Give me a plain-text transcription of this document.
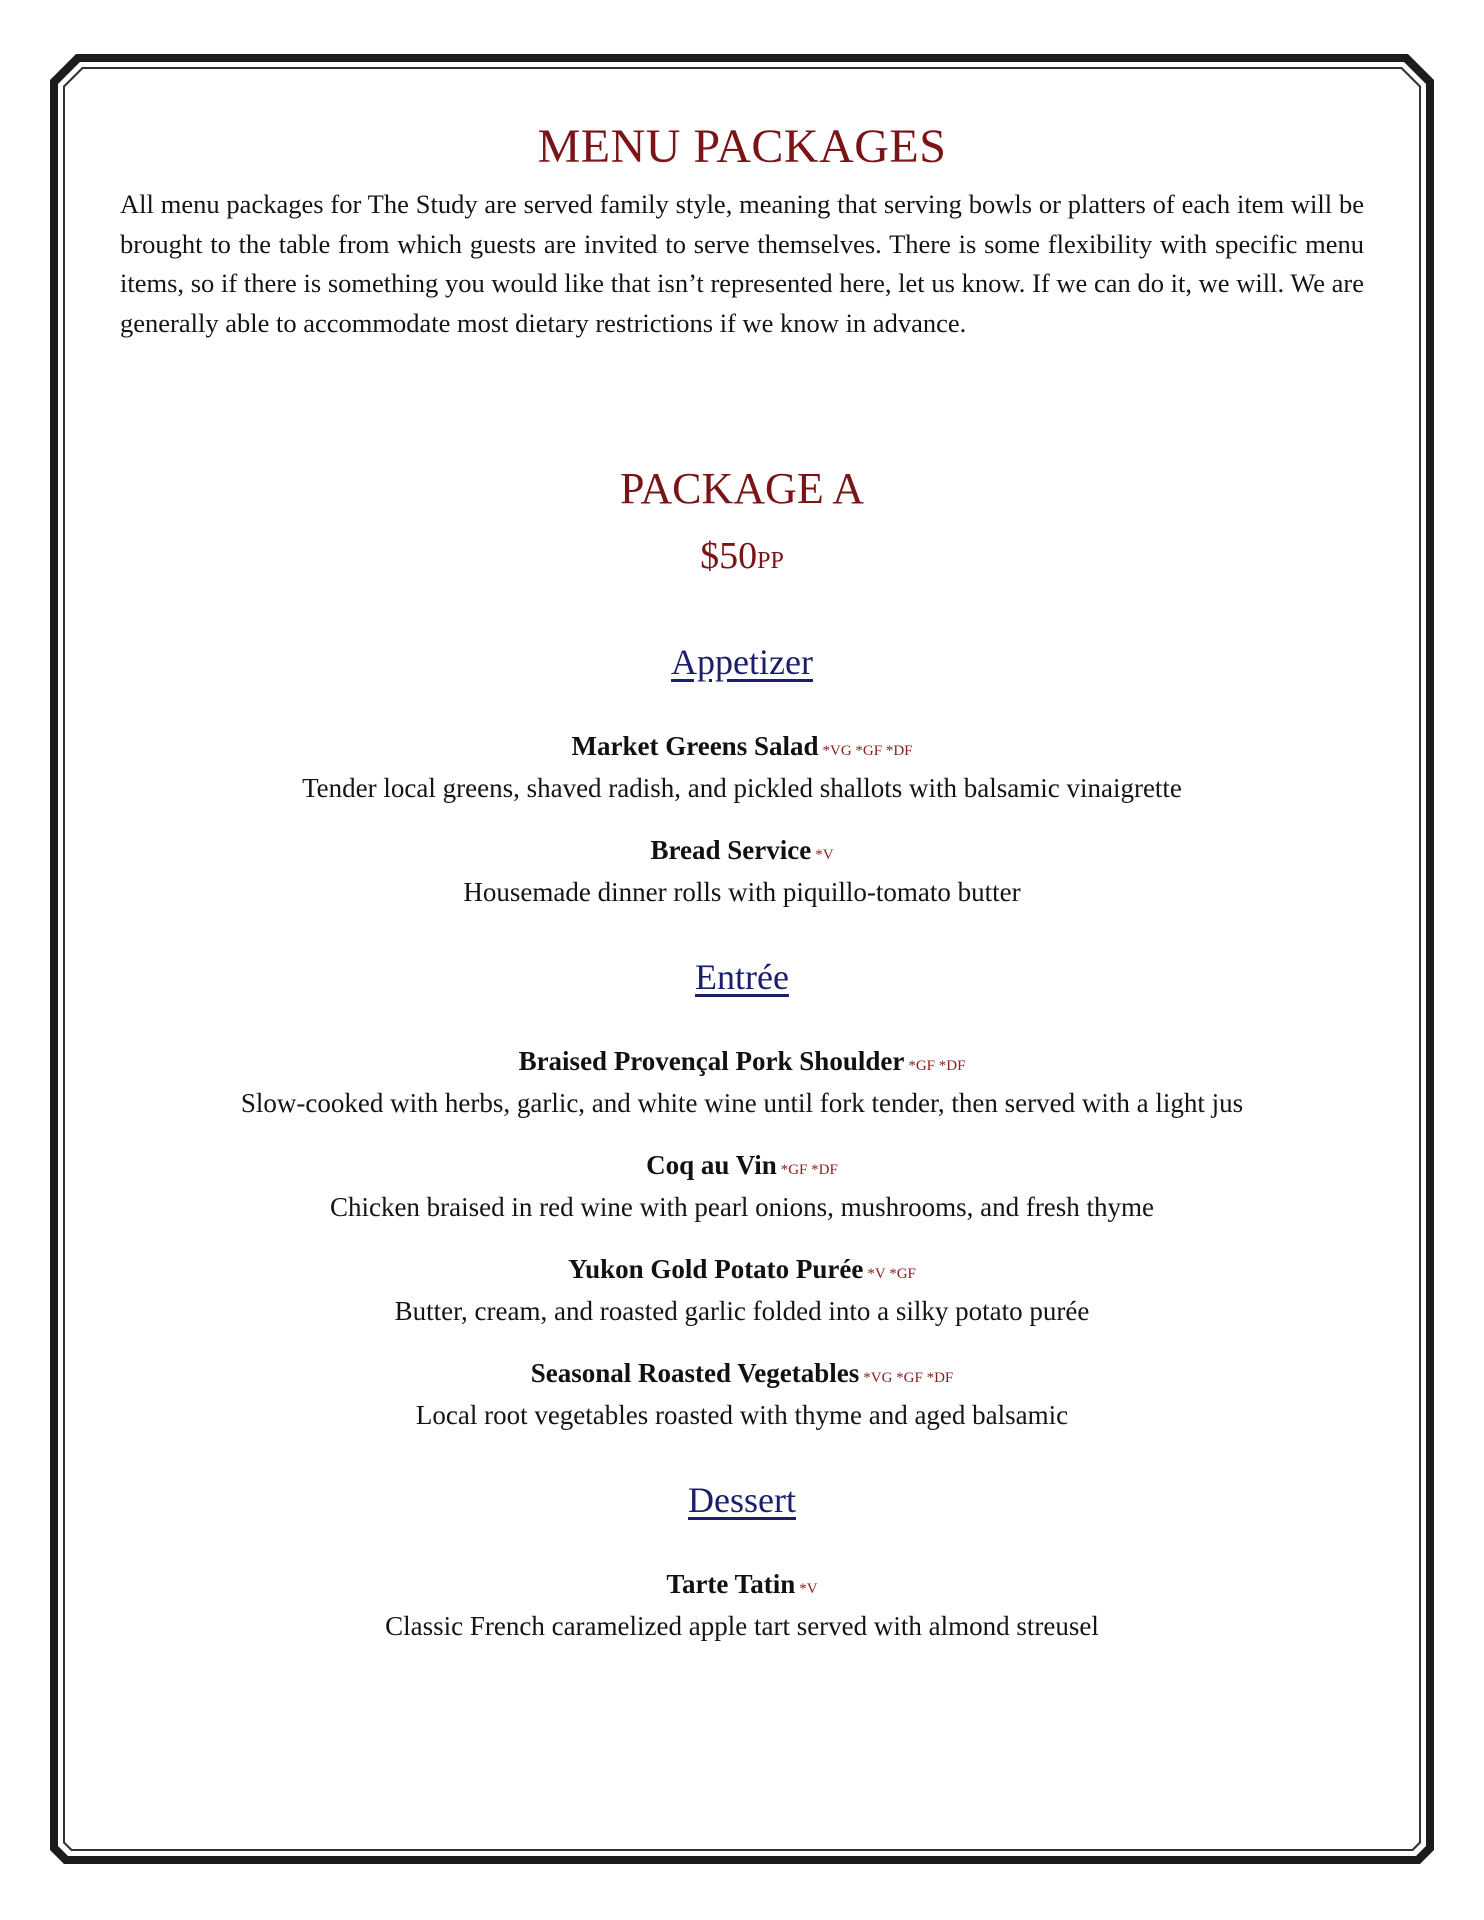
MENU PACKAGES

All menu packages for The Study are served family style, meaning that serving bowls or platters of each item will be brought to the table from which guests are invited to serve themselves. There is some flexibility with specific menu items, so if there is something you would like that isn’t represented here, let us know. If we can do it, we will. We are generally able to accommodate most dietary restrictions if we know in advance.

PACKAGE A
$50PP
Appetizer
Market Greens Salad *VG *GF *DF
Tender local greens, shaved radish, and pickled shallots with balsamic vinaigrette
Bread Service *V
Housemade dinner rolls with piquillo-tomato butter
Entrée
Braised Provençal Pork Shoulder *GF *DF
Slow-cooked with herbs, garlic, and white wine until fork tender, then served with a light jus
Coq au Vin *GF *DF
Chicken braised in red wine with pearl onions, mushrooms, and fresh thyme
Yukon Gold Potato Purée *V *GF
Butter, cream, and roasted garlic folded into a silky potato purée
Seasonal Roasted Vegetables *VG *GF *DF
Local root vegetables roasted with thyme and aged balsamic
Dessert
Tarte Tatin *V
Classic French caramelized apple tart served with almond streusel
